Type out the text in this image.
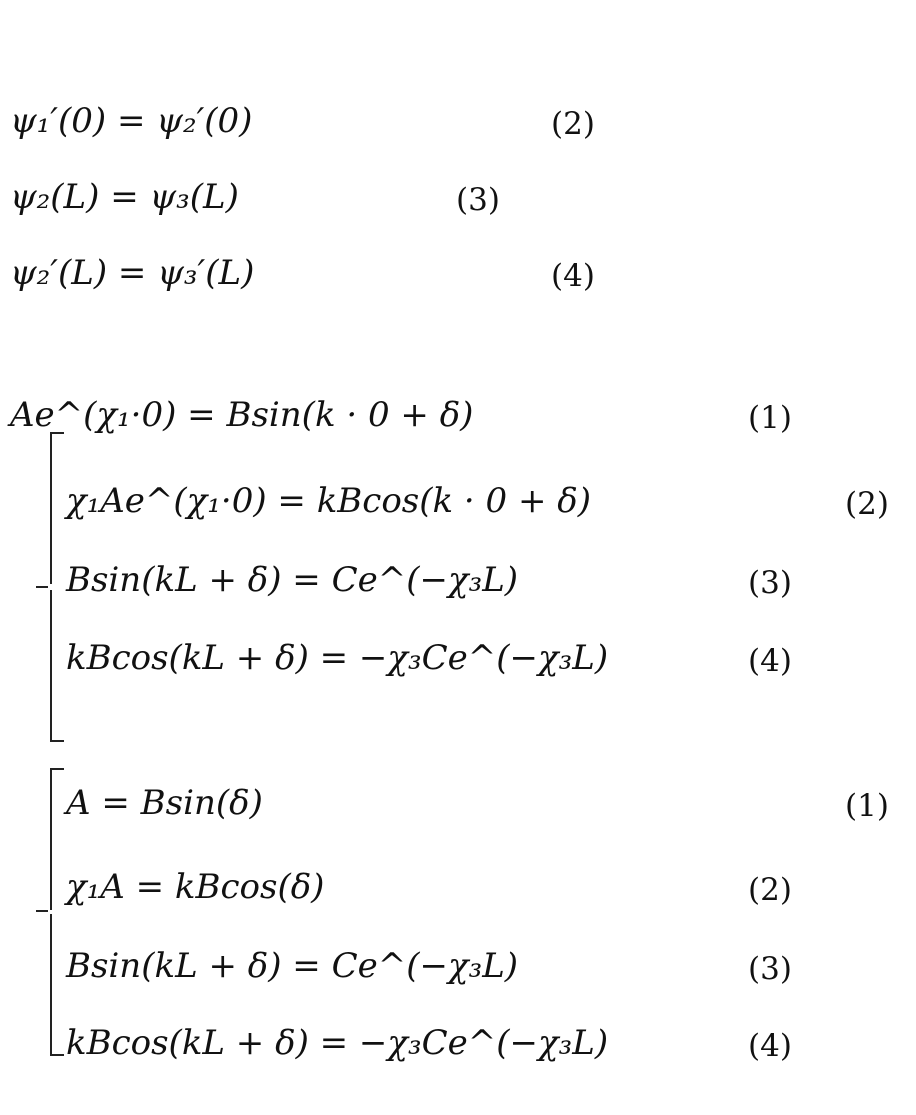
ψ₁′(0) = ψ₂′(0)	(2)
ψ₂(L) = ψ₃(L)	(3)
ψ₂′(L) = ψ₃′(L)	(4)
Ae^(χ₁·0) = Bsin(k · 0 + δ)	(1)
χ₁Ae^(χ₁·0) = kBcos(k · 0 + δ)	(2)
Bsin(kL + δ) = Ce^(−χ₃L)	(3)
kBcos(kL + δ) = −χ₃Ce^(−χ₃L)	(4)
A = Bsin(δ)	(1)
χ₁A = kBcos(δ)	(2)
Bsin(kL + δ) = Ce^(−χ₃L)	(3)
kBcos(kL + δ) = −χ₃Ce^(−χ₃L)	(4)
